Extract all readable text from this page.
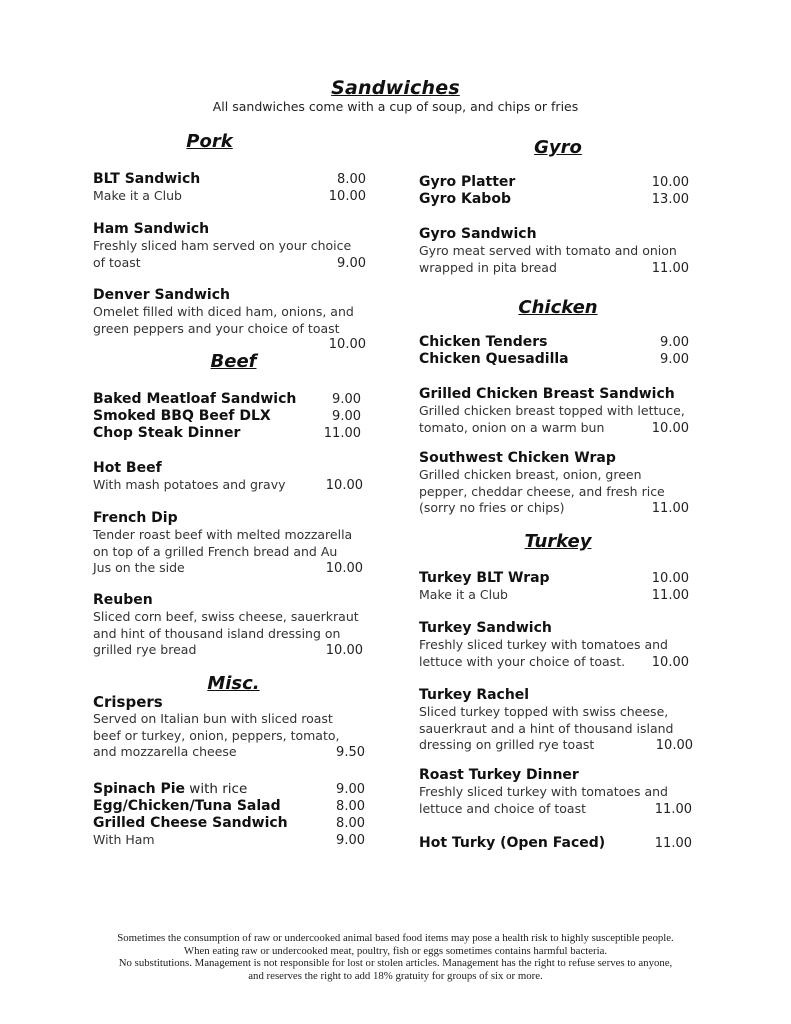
Sandwiches
All sandwiches come with a cup of soup, and chips or fries
Pork
BLT Sandwich	8.00
Make it a Club	10.00
Ham Sandwich
Freshly sliced ham served on your choice
of toast	9.00
Denver Sandwich
Omelet filled with diced ham, onions, and
green peppers and your choice of toast
10.00
Beef
Baked Meatloaf Sandwich	9.00
Smoked BBQ Beef DLX	9.00
Chop Steak Dinner	11.00
Hot Beef
With mash potatoes and gravy	10.00
French Dip
Tender roast beef with melted mozzarella
on top of a grilled French bread and Au
Jus on the side	10.00
Reuben
Sliced corn beef, swiss cheese, sauerkraut
and hint of thousand island dressing on
grilled rye bread	10.00
Misc.
Crispers
Served on Italian bun with sliced roast
beef or turkey, onion, peppers, tomato,
and mozzarella cheese	9.50
Spinach Pie with rice	9.00
Egg/Chicken/Tuna Salad	8.00
Grilled Cheese Sandwich	8.00
With Ham	9.00
Gyro
Gyro Platter	10.00
Gyro Kabob	13.00
Gyro Sandwich
Gyro meat served with tomato and onion
wrapped in pita bread	11.00
Chicken
Chicken Tenders	9.00
Chicken Quesadilla	9.00
Grilled Chicken Breast Sandwich
Grilled chicken breast topped with lettuce,
tomato, onion on a warm bun	10.00
Southwest Chicken Wrap
Grilled chicken breast, onion, green
pepper, cheddar cheese, and fresh rice
(sorry no fries or chips)	11.00
Turkey
Turkey BLT Wrap	10.00
Make it a Club	11.00
Turkey Sandwich
Freshly sliced turkey with tomatoes and
lettuce with your choice of toast. 10.00
Turkey Rachel
Sliced turkey topped with swiss cheese,
sauerkraut and a hint of thousand island
dressing on grilled rye toast	10.00
Roast Turkey Dinner
Freshly sliced turkey with tomatoes and
lettuce and choice of toast	11.00
Hot Turky (Open Faced)	11.00
Sometimes the consumption of raw or undercooked animal based food items may pose a health risk to highly susceptible people.
When eating raw or undercooked meat, poultry, fish or eggs sometimes contains harmful bacteria.
No substitutions. Management is not responsible for lost or stolen articles. Management has the right to refuse serves to anyone,
and reserves the right to add 18% gratuity for groups of six or more.
